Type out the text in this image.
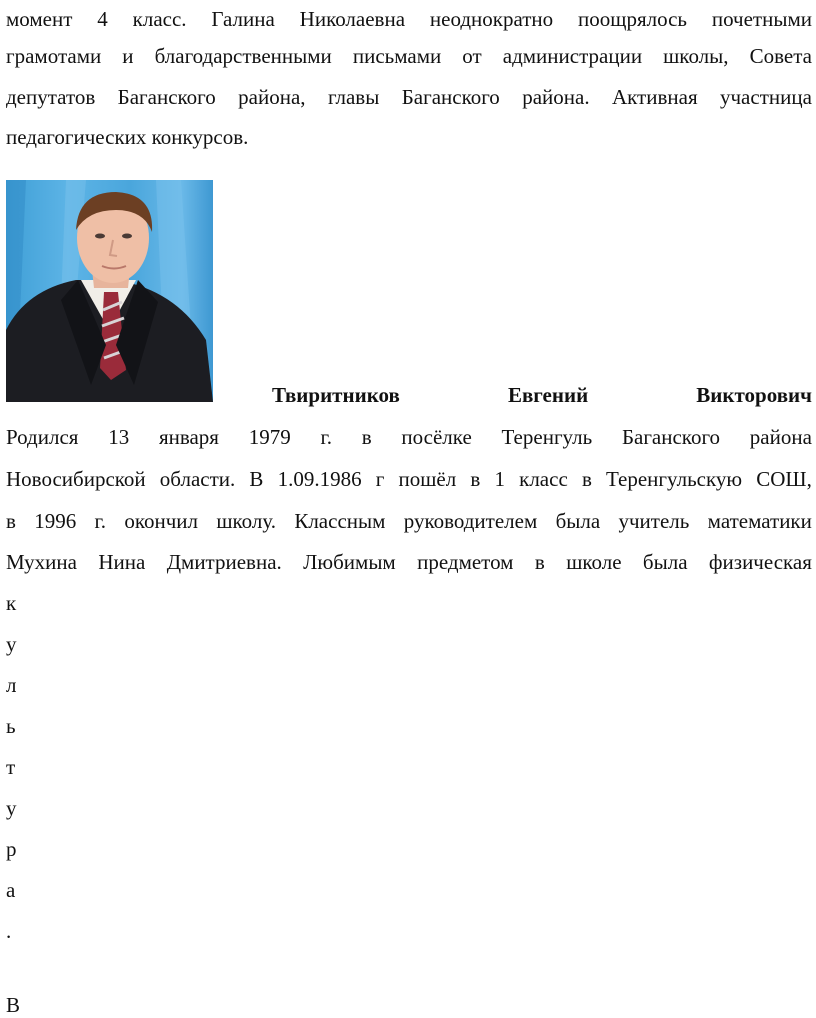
момент 4 класс. Галина Николаевна неоднократно поощрялось почетными
грамотами и благодарственными письмами от администрации школы, Совета
депутатов Баганского района, главы Баганского района. Активная участница
педагогических конкурсов.
Твиритников	Евгений	Викторович
Родился 13 января 1979 г. в посёлке Теренгуль Баганского района
Новосибирской области. В 1.09.1986 г пошёл в 1 класс в Теренгульскую СОШ,
в 1996 г. окончил школу. Классным руководителем была учитель математики
Мухина Нина Дмитриевна. Любимым предметом в школе была физическая
к
у
л
ь
т
у
р
а
.
В
